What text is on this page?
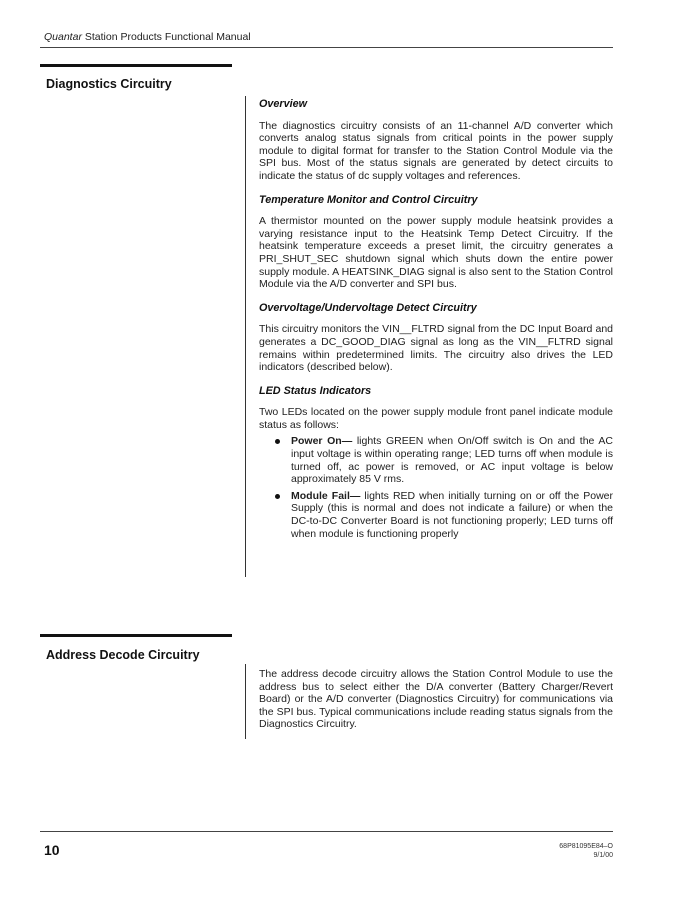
Quantar Station Products Functional Manual
Diagnostics Circuitry
Overview

The diagnostics circuitry consists of an 11-channel A/D converter which converts analog status signals from critical points in the power supply module to digital format for transfer to the Station Control Module via the SPI bus. Most of the status signals are generated by detect circuits to indicate the status of dc supply voltages and references.

Temperature Monitor and Control Circuitry

A thermistor mounted on the power supply module heatsink provides a varying resistance input to the Heatsink Temp Detect Circuitry. If the heatsink temperature exceeds a preset limit, the circuitry generates a PRI_SHUT_SEC shutdown signal which shuts down the entire power supply module. A HEATSINK_DIAG signal is also sent to the Station Control Module via the A/D converter and SPI bus.

Overvoltage/Undervoltage Detect Circuitry

This circuitry monitors the VIN__FLTRD signal from the DC Input Board and generates a DC_GOOD_DIAG signal as long as the VIN__FLTRD signal remains within predetermined limits. The circuitry also drives the LED indicators (described below).

LED Status Indicators

Two LEDs located on the power supply module front panel indicate module status as follows:

Power On— lights GREEN when On/Off switch is On and the AC input voltage is within operating range; LED turns off when module is turned off, ac power is removed, or AC input voltage is below approximately 85 V rms.
Module Fail— lights RED when initially turning on or off the Power Supply (this is normal and does not indicate a failure) or when the DC-to-DC Converter Board is not functioning properly; LED turns off when module is functioning properly
Address Decode Circuitry

The address decode circuitry allows the Station Control Module to use the address bus to select either the D/A converter (Battery Charger/Revert Board) or the A/D converter (Diagnostics Circuitry) for communications via the SPI bus. Typical communications include reading status signals from the Diagnostics Circuitry.

10	68P81095E84–O
9/1/00
